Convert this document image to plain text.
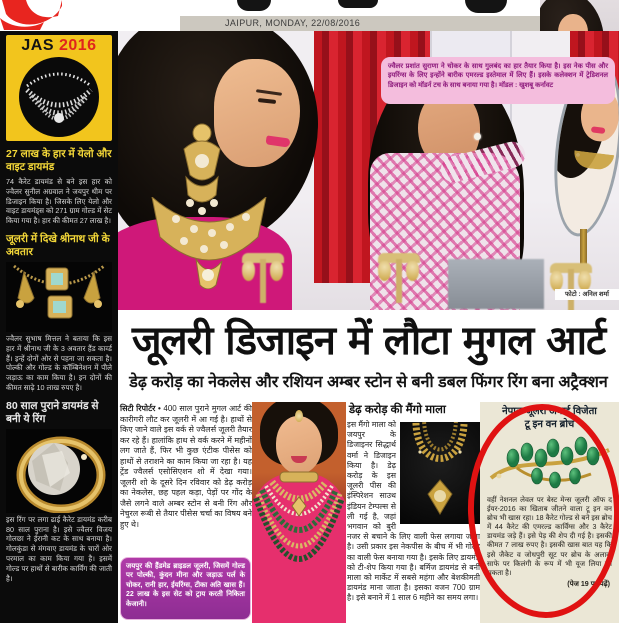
JAIPUR, MONDAY, 22/08/2016
JAS 2016
27 लाख के हार में येलो और वाइट डायमंड

74 कैरेट डायमंड से बने इस हार को ज्वैलर सुनील अग्रवाल ने जयपुर थीम पर डिजाइन किया है। जिसके लिए येलो और वाइट डायमंड्स को 271 ग्राम गोल्ड में सेट किया गया है। हार की कीमत 27 लाख है।

जूलरी में दिखे श्रीनाथ जी के अवतार

ज्वैलर सुभाष मित्तल ने बताया कि इस हार में श्रीनाथ जी के 3 अवतार हैंड कार्व्ड हैं। इन्हें दोनों ओर से पहना जा सकता है। पोल्की और गोल्ड के कॉम्बिनेशन में पीले जड़ाऊ का काम किया है। इन दोनों की कीमत साढ़े 10 लाख रुपए है।

80 साल पुराने डायमंड से बनी ये रिंग

इस रिंग पर लगा ढाई कैरेट डायमंड करीब 80 साल पुराना है। इसे ज्वैलर विजय गोलछा ने ईरानी कट के साथ बनाया है। गोलकुंडा से मंगवाए डायमंड के चारों ओर परमाल का काम किया गया है। इसमें गोल्ड पर हाथों से बारीक कार्विंग की जाती है।

ज्वैलर प्रशांत सुराणा ने चोकर के साथ गुलबंद का हार तैयार किया है। इस नेक पीस और इयरिंग्स के लिए इन्होंने बारीक एमरल्ड इस्तेमाल में लिए हैं। इसके कलेक्शन में ट्रेडिशनल डिजाइन को मॉडर्न टच के साथ बनाया गया है। मॉडल : खुशबू कर्नावट
फोटो : अनिल शर्मा
जूलरी डिजाइन में लौटा मुगल आर्ट
डेढ़ करोड़ का नेकलेस और रशियन अम्बर स्टोन से बनी डबल फिंगर रिंग बना अट्रैक्शन

सिटी रिपोर्टर • 400 साल पुराने मुगल आर्ट की कारीगरी लौट कर जूलरी में आ गई है। हाथों से किए जाने वाले इस वर्क से ज्वैलर्स जूलरी तैयार कर रहे हैं। हालांकि हाथ से वर्क करने में महीनों लग जाते हैं, फिर भी कुछ एंटीक पीसेस को हाथों से तराशने का काम किया जा रहा है। यह ट्रेंड ज्वैलर्स एसोसिएशन शो में देखा गया। जूलरी शो के दूसरे दिन रविवार को डेढ़ करोड़ का नेकलेस, छह पहल कड़ा, पेड़ों पर गोंद के जैसे लगने वाले अम्बर स्टोन से बनी रिंग और नेचुरल रूबी से तैयार पीसेस चर्चा का विषय बने हुए थे।

जयपुर की हैंडमेड ब्राइडल जूलरी, जिसमें गोल्ड पर पोल्की, कुंदन मीना और जड़ाऊ पर्ल के चोकर, रानी हार, ईयरिंग्स, टीका अति खास हैं। 22 लाख के इस सेट को ट्राय करती निकिता केजानी।
डेढ़ करोड़ की मैंगो माला
इस मैंगो माला को जयपुर के डिजाइनर सिद्धार्थ वर्मा ने डिजाइन किया है। डेढ़ करोड़ के इस जूलरी पीस की इंस्पिरेशन साउथ इंडियन टेम्पल्स से ली गई है, जहां भगवान को बुरी नजर से बचाने के लिए वाली फेस लगाया जाता है। उसी प्रकार इस नेकपीस के बीच में भी गोल्ड का वाली फेस बनाया गया है। इसके लिए डायमंड को टी-शेप किया गया है। बर्मिज डायमंड से बनी माला को मार्केट में सबसे महंगा और बेशकीमती डायमंड माना जाता है। इसका वजन 700 ग्राम है। इसे बनाने में 1 साल 6 महीने का समय लगा।
नेपाल जूलरी अवार्ड विजेता
टू इन वन ब्रोच
वहीं नेशनल लेवल पर बेस्ट मेन्स जूलरी ऑफ द ईयर-2016 का खिताब जीतने वाला टू इन वन ब्रोच भी खास रहा। 18 कैरेट गोल्ड से बने इस ब्रोच में 44 कैरेट की एमरल्ड कार्विंग्स और 3 कैरेट डायमंड जड़े हैं। इसे पेड़ की शेप दी गई है। इसकी कीमत 7 लाख रुपए है। इसकी खास बात यह कि इसे जैकेट व जोधपुरी सूट पर ब्रोच के अलावा साफे पर किलंगी के रूप में भी यूज लिया जा सकता है।
(पेज 19 पर पढ़ें)
